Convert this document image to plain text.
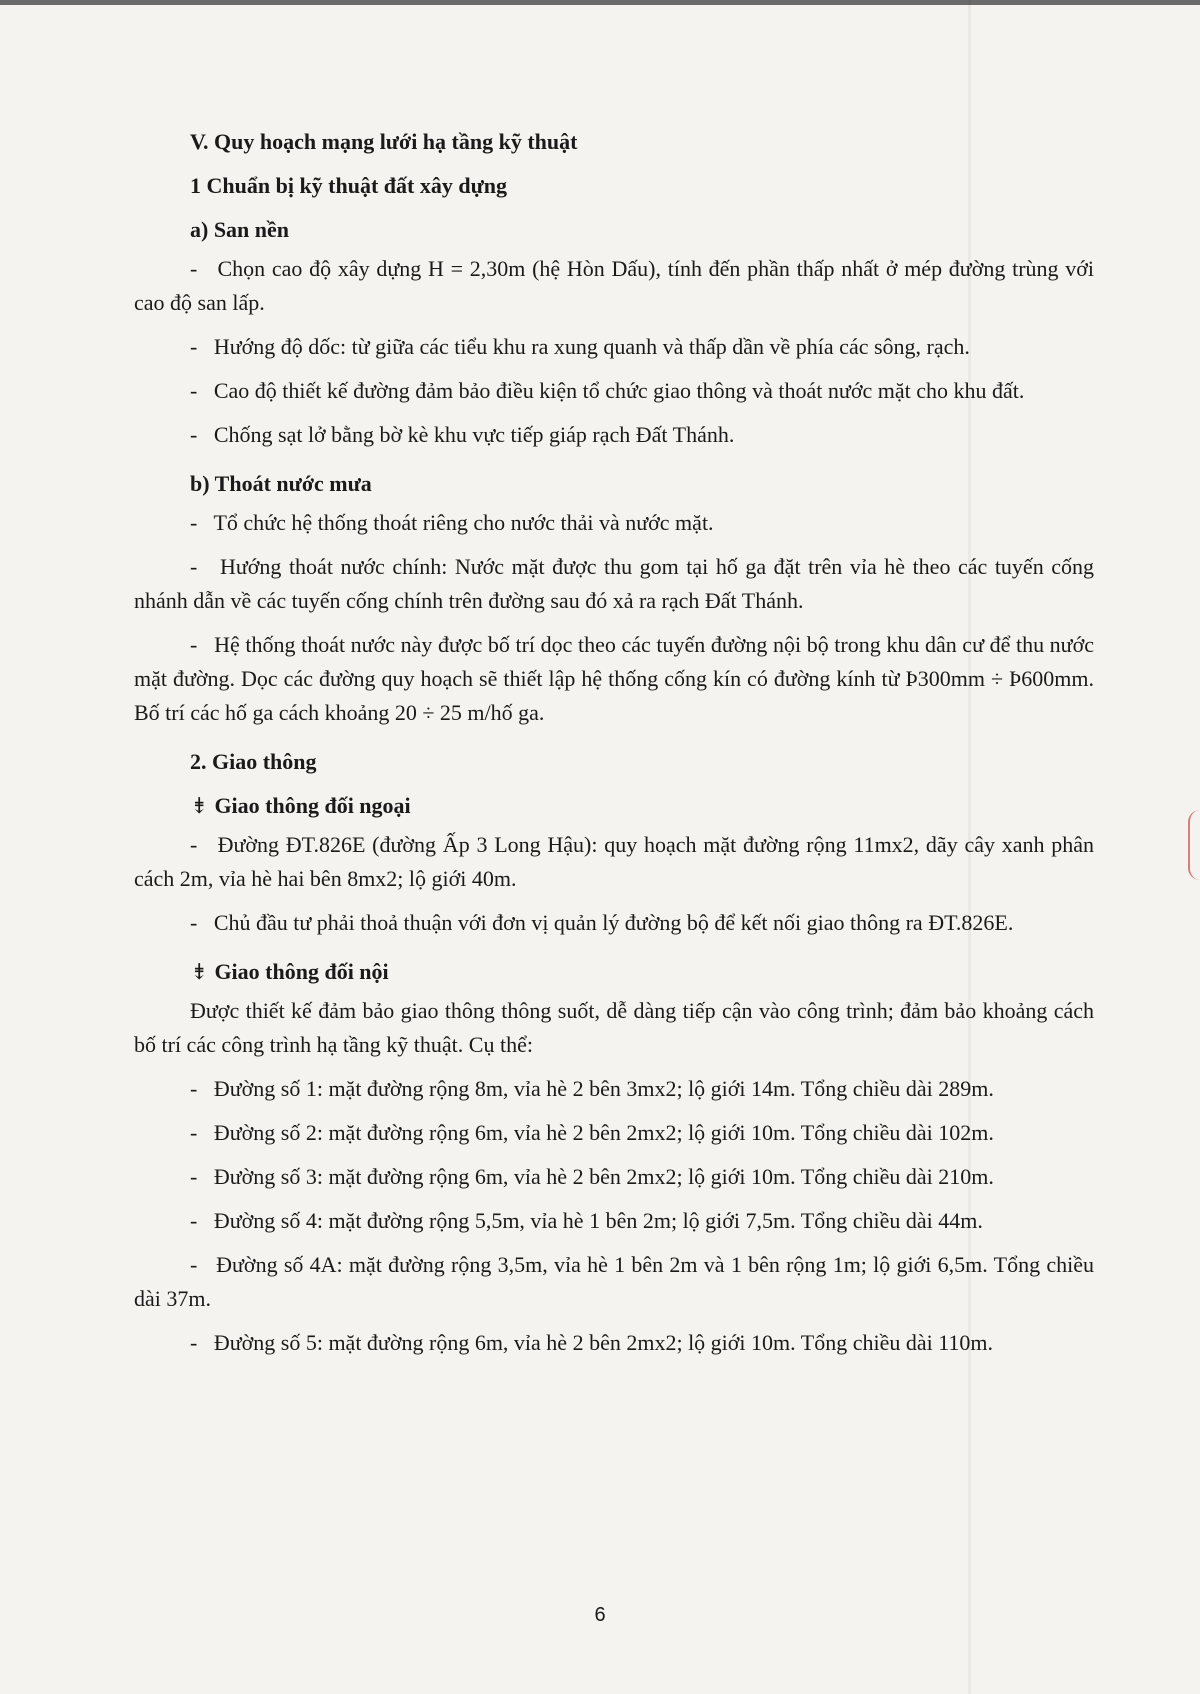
V. Quy hoạch mạng lưới hạ tầng kỹ thuật

1 Chuẩn bị kỹ thuật đất xây dựng

a) San nền

- Chọn cao độ xây dựng H = 2,30m (hệ Hòn Dấu), tính đến phần thấp nhất ở mép đường trùng với cao độ san lấp.

- Hướng độ dốc: từ giữa các tiểu khu ra xung quanh và thấp dần về phía các sông, rạch.

- Cao độ thiết kế đường đảm bảo điều kiện tổ chức giao thông và thoát nước mặt cho khu đất.

- Chống sạt lở bằng bờ kè khu vực tiếp giáp rạch Đất Thánh.

b) Thoát nước mưa

- Tổ chức hệ thống thoát riêng cho nước thải và nước mặt.

- Hướng thoát nước chính: Nước mặt được thu gom tại hố ga đặt trên vỉa hè theo các tuyến cống nhánh dẫn về các tuyến cống chính trên đường sau đó xả ra rạch Đất Thánh.

- Hệ thống thoát nước này được bố trí dọc theo các tuyến đường nội bộ trong khu dân cư để thu nước mặt đường. Dọc các đường quy hoạch sẽ thiết lập hệ thống cống kín có đường kính từ Þ300mm ÷ Þ600mm. Bố trí các hố ga cách khoảng 20 ÷ 25 m/hố ga.

2. Giao thông

⇟ Giao thông đối ngoại

- Đường ĐT.826E (đường Ấp 3 Long Hậu): quy hoạch mặt đường rộng 11mx2, dãy cây xanh phân cách 2m, vỉa hè hai bên 8mx2; lộ giới 40m.

- Chủ đầu tư phải thoả thuận với đơn vị quản lý đường bộ để kết nối giao thông ra ĐT.826E.

⇟ Giao thông đối nội

Được thiết kế đảm bảo giao thông thông suốt, dễ dàng tiếp cận vào công trình; đảm bảo khoảng cách bố trí các công trình hạ tầng kỹ thuật. Cụ thể:

- Đường số 1: mặt đường rộng 8m, vỉa hè 2 bên 3mx2; lộ giới 14m. Tổng chiều dài 289m.

- Đường số 2: mặt đường rộng 6m, vỉa hè 2 bên 2mx2; lộ giới 10m. Tổng chiều dài 102m.

- Đường số 3: mặt đường rộng 6m, vỉa hè 2 bên 2mx2; lộ giới 10m. Tổng chiều dài 210m.

- Đường số 4: mặt đường rộng 5,5m, vỉa hè 1 bên 2m; lộ giới 7,5m. Tổng chiều dài 44m.

- Đường số 4A: mặt đường rộng 3,5m, vỉa hè 1 bên 2m và 1 bên rộng 1m; lộ giới 6,5m. Tổng chiều dài 37m.

- Đường số 5: mặt đường rộng 6m, vỉa hè 2 bên 2mx2; lộ giới 10m. Tổng chiều dài 110m.

6
